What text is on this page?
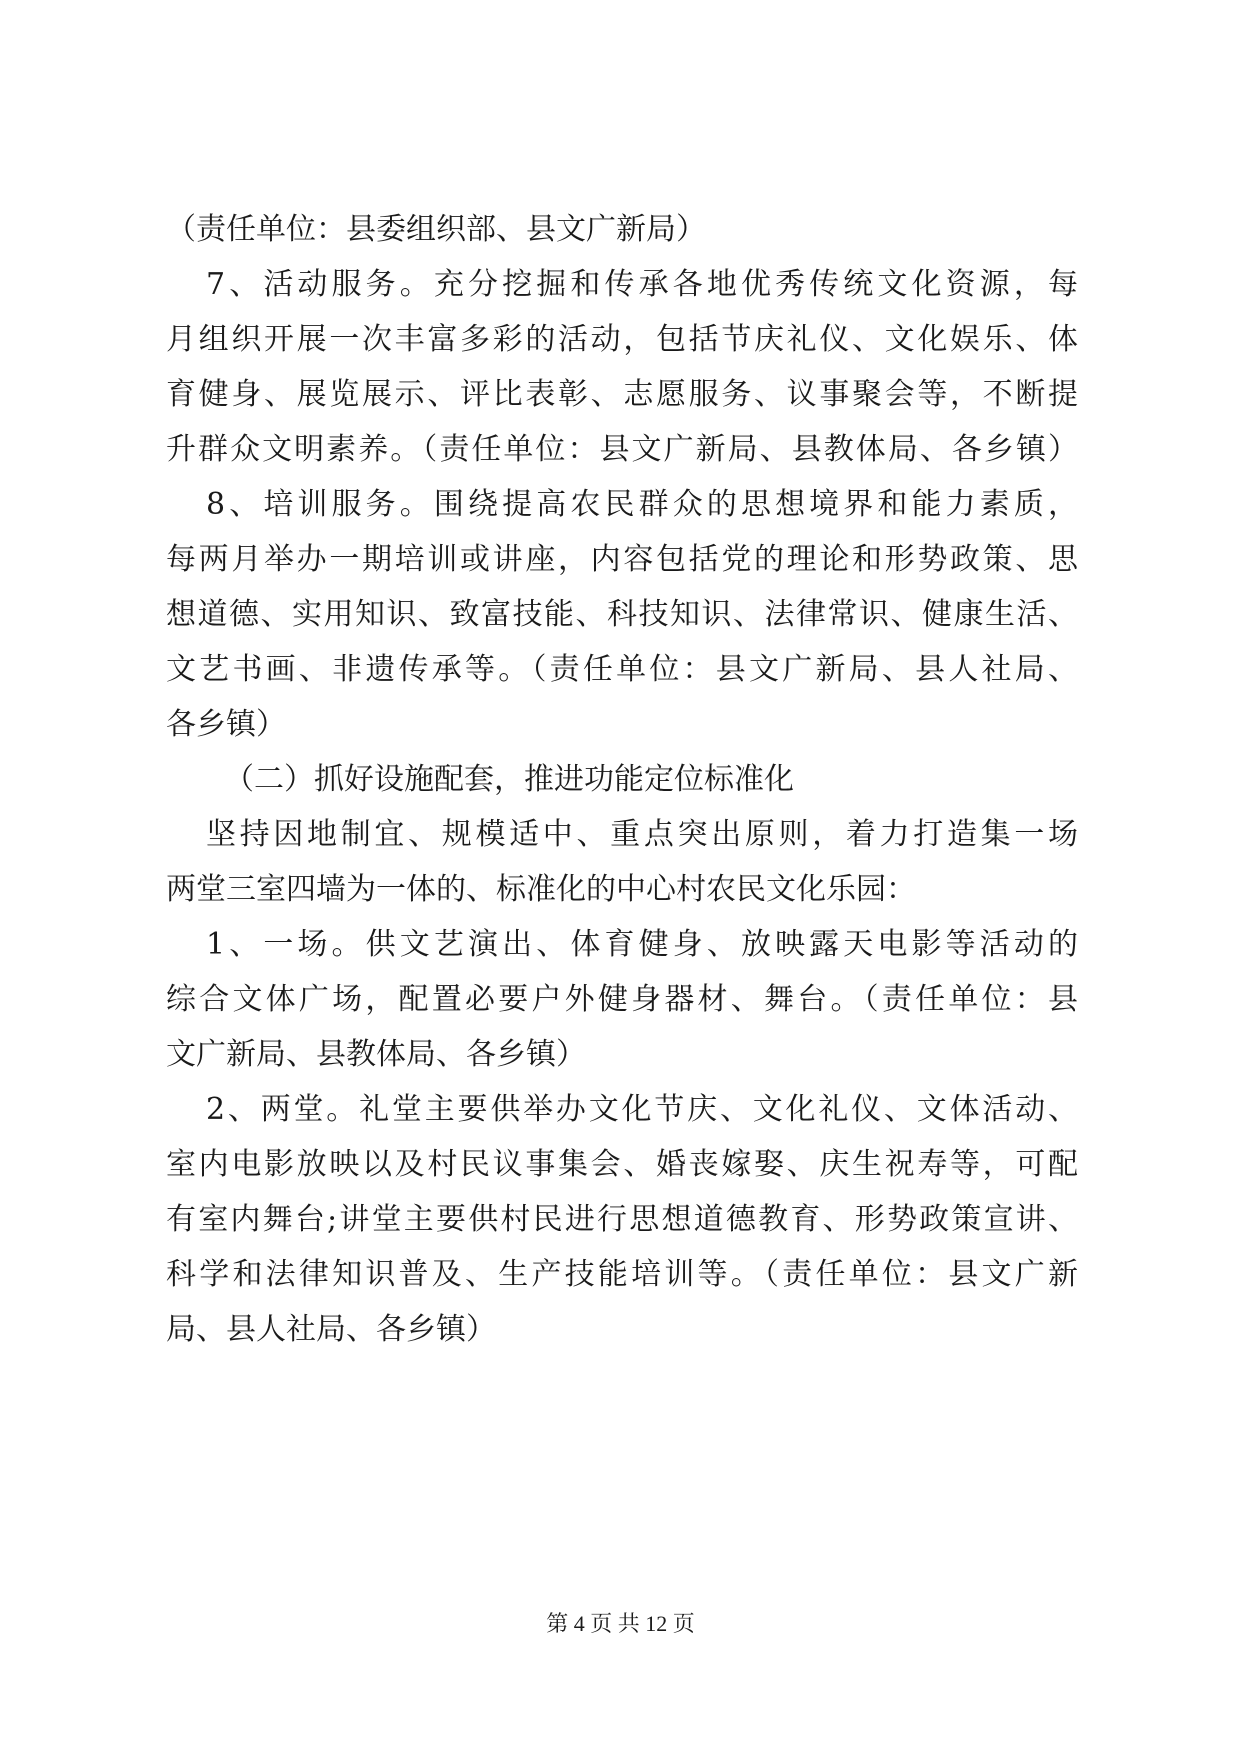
（责任单位：县委组织部、县文广新局）
7、活动服务。充分挖掘和传承各地优秀传统文化资源，每
月组织开展一次丰富多彩的活动，包括节庆礼仪、文化娱乐、体
育健身、展览展示、评比表彰、志愿服务、议事聚会等，不断提
升群众文明素养。（责任单位：县文广新局、县教体局、各乡镇）
8、培训服务。围绕提高农民群众的思想境界和能力素质，
每两月举办一期培训或讲座，内容包括党的理论和形势政策、思
想道德、实用知识、致富技能、科技知识、法律常识、健康生活、
文艺书画、非遗传承等。（责任单位：县文广新局、县人社局、
各乡镇）
（二）抓好设施配套，推进功能定位标准化
坚持因地制宜、规模适中、重点突出原则，着力打造集一场
两堂三室四墙为一体的、标准化的中心村农民文化乐园：
1、一场。供文艺演出、体育健身、放映露天电影等活动的
综合文体广场，配置必要户外健身器材、舞台。（责任单位：县
文广新局、县教体局、各乡镇）
2、两堂。礼堂主要供举办文化节庆、文化礼仪、文体活动、
室内电影放映以及村民议事集会、婚丧嫁娶、庆生祝寿等，可配
有室内舞台;讲堂主要供村民进行思想道德教育、形势政策宣讲、
科学和法律知识普及、生产技能培训等。（责任单位：县文广新
局、县人社局、各乡镇）
第 4 页 共 12 页
